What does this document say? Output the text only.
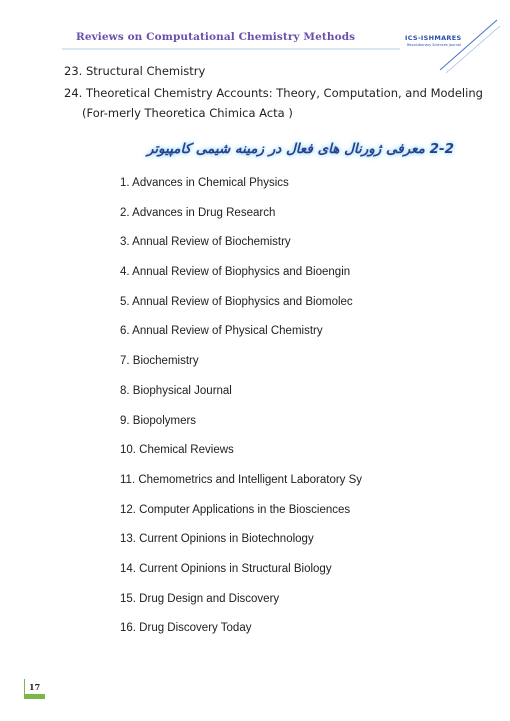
Reviews on Computational Chemistry Methods	ICS-ISHMARES
Revolutionary Sciences Journal
23. Structural Chemistry
24. Theoretical Chemistry Accounts: Theory, Computation, and Modeling
(For-merly Theoretica Chimica Acta )
2-2 معرفی ژورنال های فعال در زمینه شیمی کامپیوتر
1. Advances in Chemical Physics
2. Advances in Drug Research
3. Annual Review of Biochemistry
4. Annual Review of Biophysics and Bioengin
5. Annual Review of Biophysics and Biomolec
6. Annual Review of Physical Chemistry
7. Biochemistry
8. Biophysical Journal
9. Biopolymers
10. Chemical Reviews
11. Chemometrics and Intelligent Laboratory Sy
12. Computer Applications in the Biosciences
13. Current Opinions in Biotechnology
14. Current Opinions in Structural Biology
15. Drug Design and Discovery
16. Drug Discovery Today
17
